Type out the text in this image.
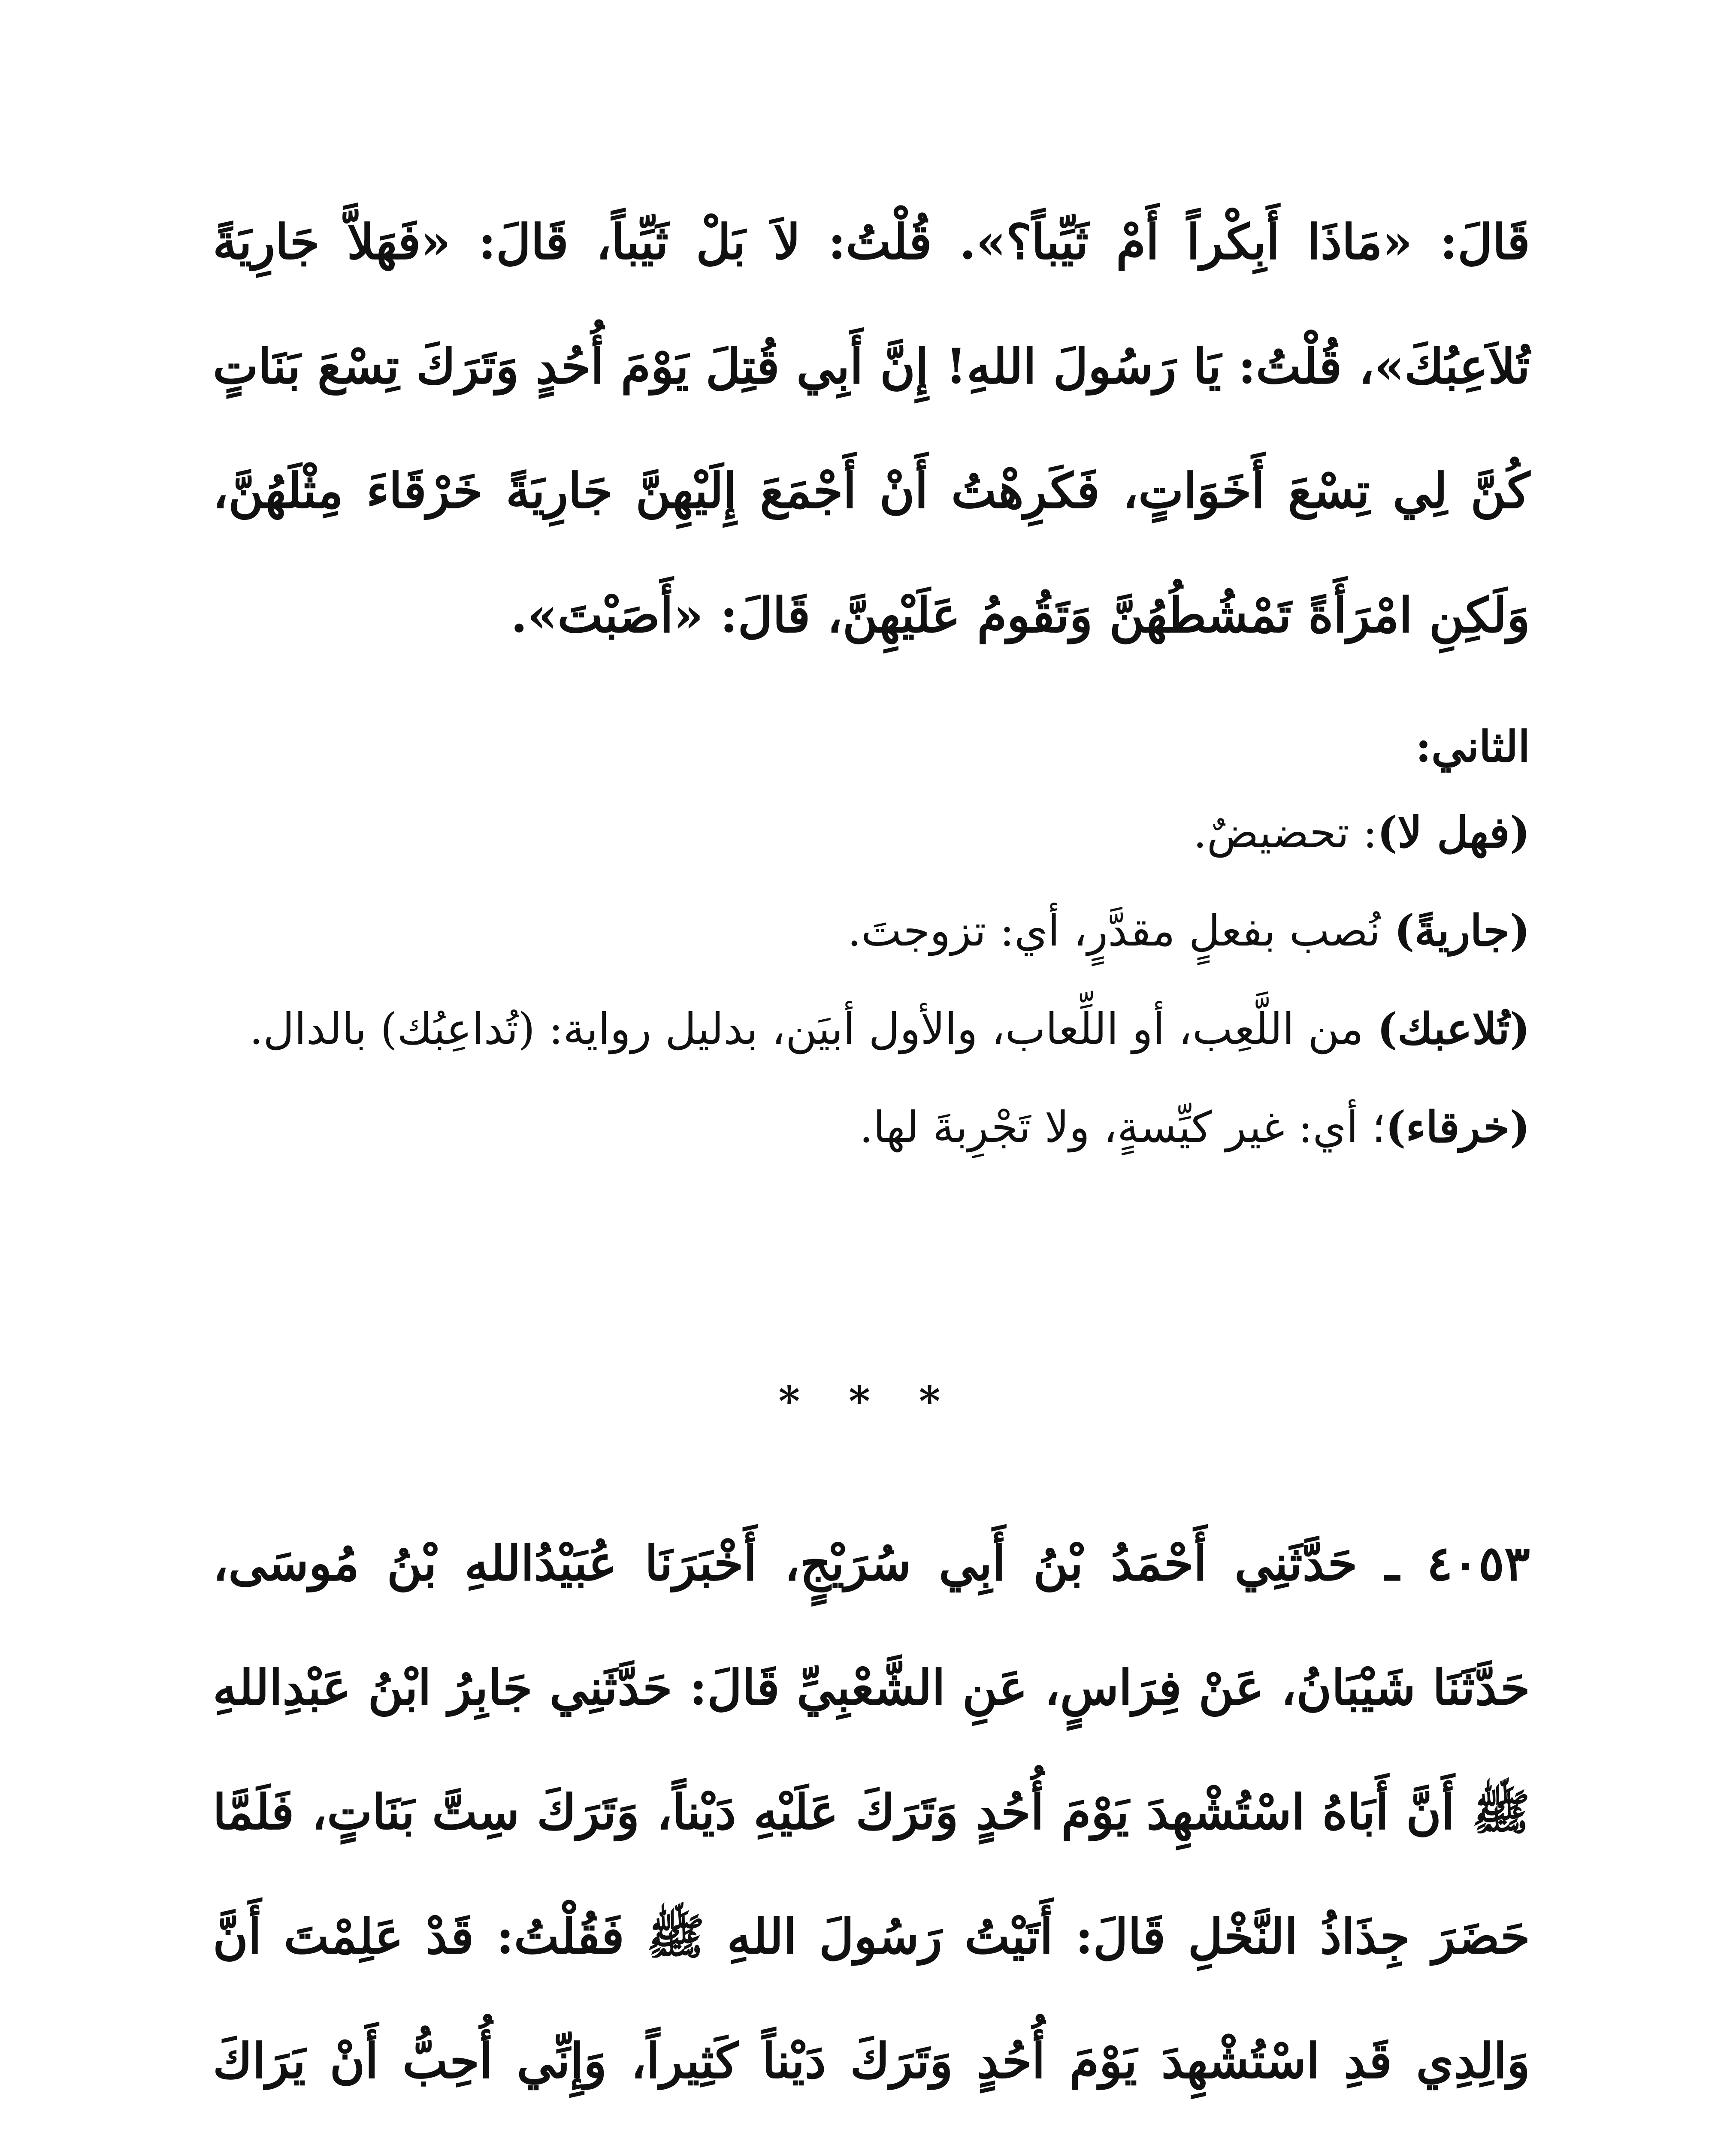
قَالَ: «مَاذَا أَبِكْراً أَمْ ثَيِّباً؟». قُلْتُ: لاَ بَلْ ثَيِّباً، قَالَ: «فَهَلاَّ جَارِيَةً تُلاَعِبُكَ»، قُلْتُ: يَا رَسُولَ اللهِ! إِنَّ أَبِي قُتِلَ يَوْمَ أُحُدٍ وَتَرَكَ تِسْعَ بَنَاتٍ كُنَّ لِي تِسْعَ أَخَوَاتٍ، فَكَرِهْتُ أَنْ أَجْمَعَ إِلَيْهِنَّ جَارِيَةً خَرْقَاءَ مِثْلَهُنَّ، وَلَكِنِ امْرَأَةً تَمْشُطُهُنَّ وَتَقُومُ عَلَيْهِنَّ، قَالَ: «أَصَبْتَ».

الثاني:

(فهل لا): تحضيضٌ.

(جاريةً) نُصب بفعلٍ مقدَّرٍ، أي: تزوجتَ.

(تُلاعبك) من اللَّعِب، أو اللِّعاب، والأول أبيَن، بدليل رواية: (تُداعِبُك) بالدال.

(خرقاء)؛ أي: غير كيِّسةٍ، ولا تَجْرِبةَ لها.

* * *

٤٠٥٣ ـ حَدَّثَنِي أَحْمَدُ بْنُ أَبِي سُرَيْجٍ، أَخْبَرَنَا عُبَيْدُاللهِ بْنُ مُوسَى، حَدَّثَنَا شَيْبَانُ، عَنْ فِرَاسٍ، عَنِ الشَّعْبِيِّ قَالَ: حَدَّثَنِي جَابِرُ ابْنُ عَبْدِاللهِ ﷺ أَنَّ أَبَاهُ اسْتُشْهِدَ يَوْمَ أُحُدٍ وَتَرَكَ عَلَيْهِ دَيْناً، وَتَرَكَ سِتَّ بَنَاتٍ، فَلَمَّا حَضَرَ جِذَاذُ النَّخْلِ قَالَ: أَتَيْتُ رَسُولَ اللهِ ﷺ فَقُلْتُ: قَدْ عَلِمْتَ أَنَّ وَالِدِي قَدِ اسْتُشْهِدَ يَوْمَ أُحُدٍ وَتَرَكَ دَيْناً كَثِيراً، وَإِنِّي أُحِبُّ أَنْ يَرَاكَ
